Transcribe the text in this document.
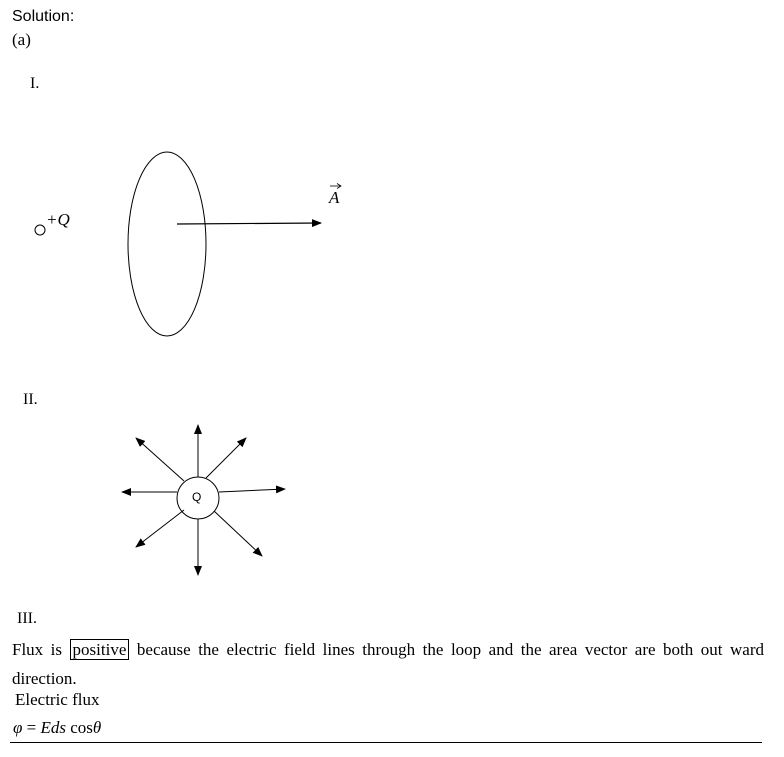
Solution:
(a)
I.
+Q
A
II.
Q
III.
Flux is positive because the electric field lines through the loop and the area vector are both out ward direction.
Electric flux
φ = Eds cosθ
